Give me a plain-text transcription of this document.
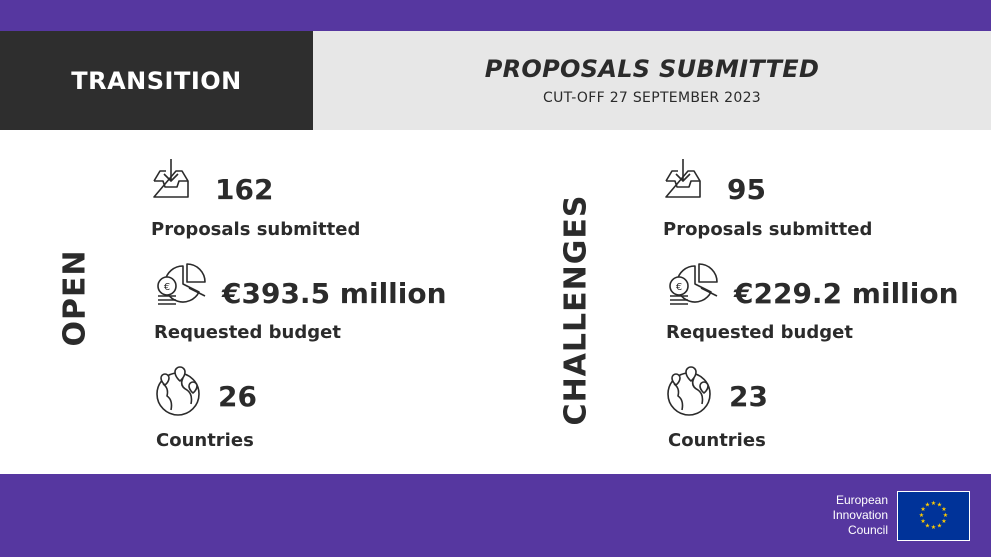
TRANSITION	PROPOSALS SUBMITTED
CUT-OFF 27 SEPTEMBER 2023
OPEN
162
Proposals submitted
€ €393.5 million
Requested budget
26
Countries
CHALLENGES
95
Proposals submitted
€ €229.2 million
Requested budget
23
Countries
European
Innovation
Council
★ ★
★
★
★
★
★
★
★
★
★
★
